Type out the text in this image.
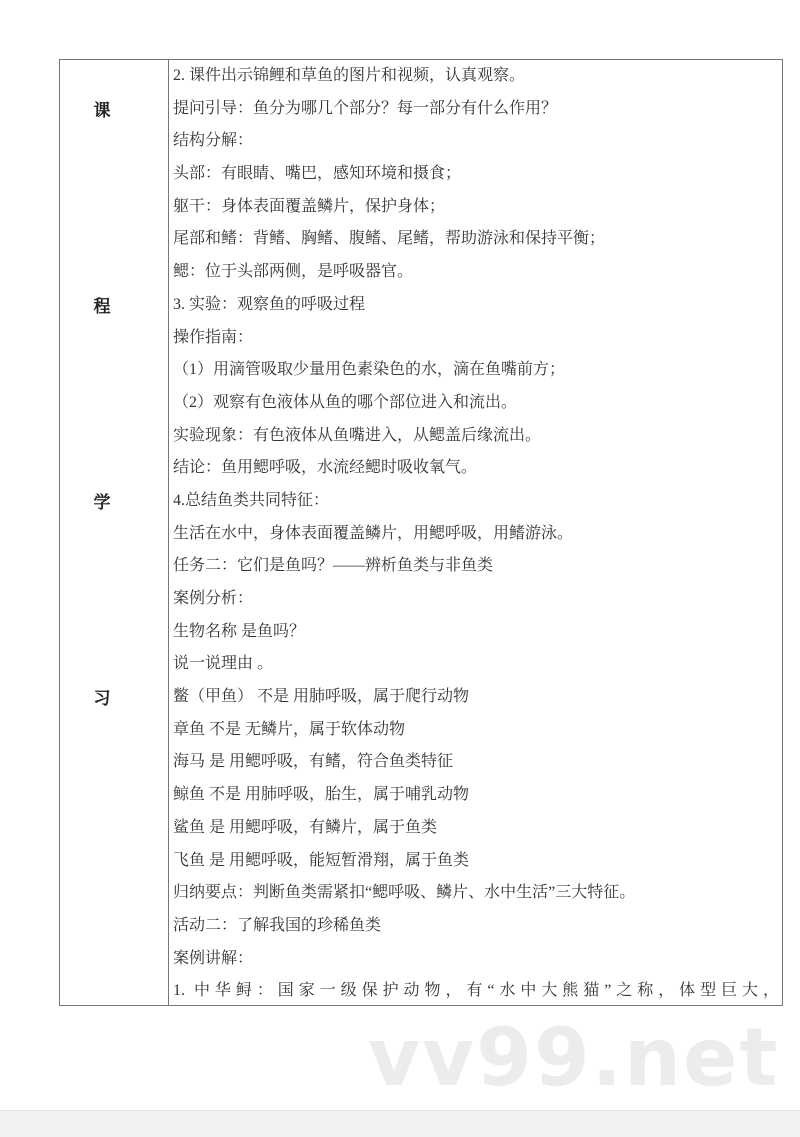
课
程
学
习
2. 课件出示锦鲤和草鱼的图片和视频，认真观察。
提问引导：鱼分为哪几个部分？每一部分有什么作用？
结构分解：
头部：有眼睛、嘴巴，感知环境和摄食；
躯干：身体表面覆盖鳞片，保护身体；
尾部和鳍：背鳍、胸鳍、腹鳍、尾鳍，帮助游泳和保持平衡；
鳃：位于头部两侧，是呼吸器官。
3. 实验：观察鱼的呼吸过程
操作指南：
（1）用滴管吸取少量用色素染色的水，滴在鱼嘴前方；
（2）观察有色液体从鱼的哪个部位进入和流出。
实验现象：有色液体从鱼嘴进入，从鳃盖后缘流出。
结论：鱼用鳃呼吸，水流经鳃时吸收氧气。
4.总结鱼类共同特征：
生活在水中，身体表面覆盖鳞片，用鳃呼吸，用鳍游泳。
任务二：它们是鱼吗？——辨析鱼类与非鱼类
案例分析：
生物名称 是鱼吗？
说一说理由 。
鳖（甲鱼） 不是 用肺呼吸，属于爬行动物
章鱼 不是 无鳞片，属于软体动物
海马 是 用鳃呼吸，有鳍，符合鱼类特征
鲸鱼 不是 用肺呼吸，胎生，属于哺乳动物
鲨鱼 是 用鳃呼吸，有鳞片，属于鱼类
飞鱼 是 用鳃呼吸，能短暂滑翔，属于鱼类
归纳要点：判断鱼类需紧扣“鳃呼吸、鳞片、水中生活”三大特征。
活动二：了解我国的珍稀鱼类
案例讲解：
1. 中华鲟：国家一级保护动物，有“水中大熊猫”之称，体型巨大，
vv99.net
